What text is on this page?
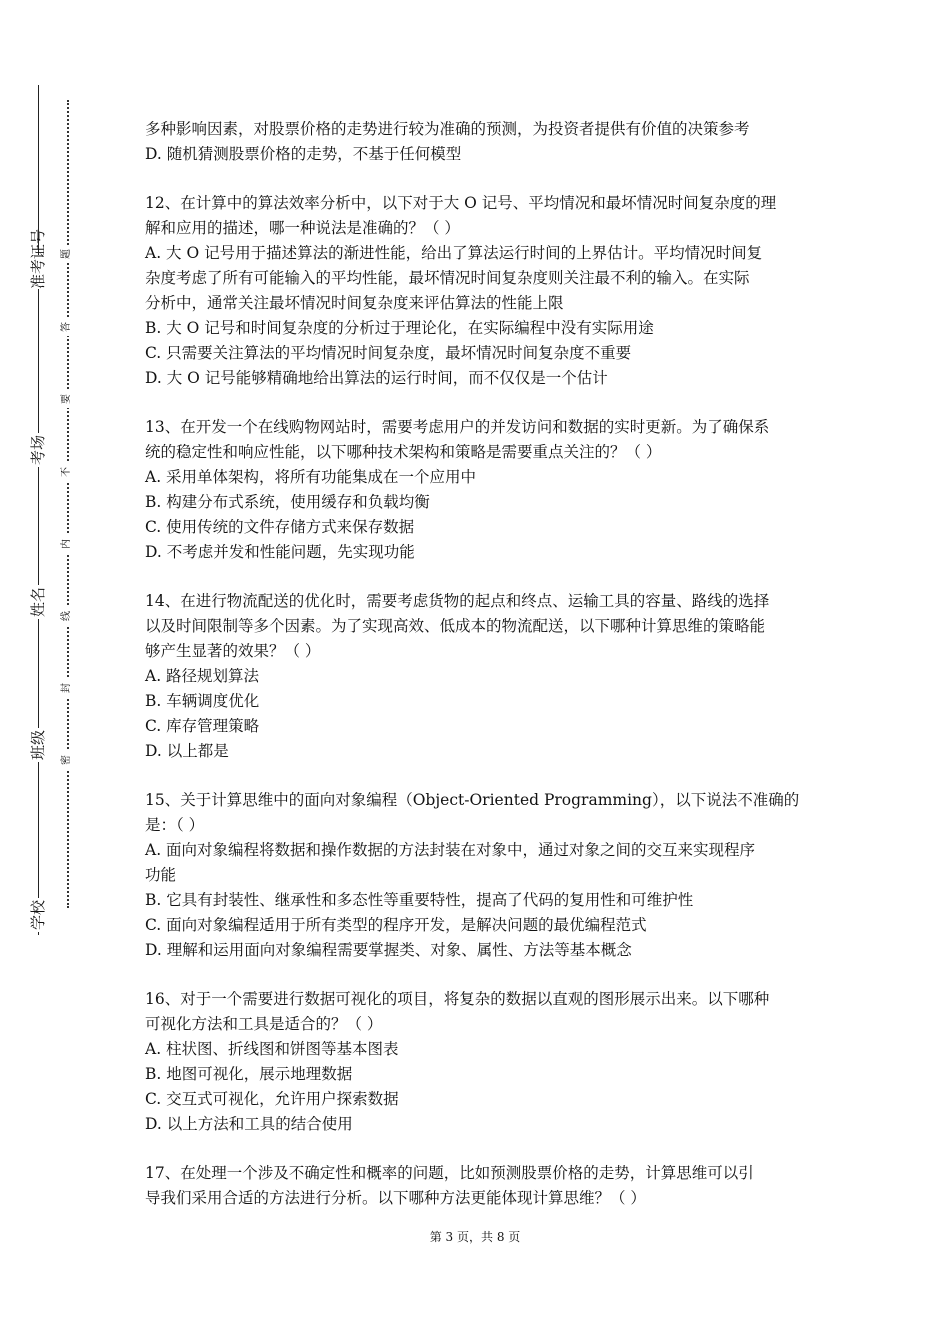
准考证号
考场
姓名
班级
学校
题
答
要
不
内
线
封
密

多种影响因素，对股票价格的走势进行较为准确的预测，为投资者提供有价值的决策参考

D. 随机猜测股票价格的走势，不基于任何模型

12、在计算中的算法效率分析中，以下对于大 O 记号、平均情况和最坏情况时间复杂度的理

解和应用的描述，哪一种说法是准确的？（ ）

A. 大 O 记号用于描述算法的渐进性能，给出了算法运行时间的上界估计。平均情况时间复

杂度考虑了所有可能输入的平均性能，最坏情况时间复杂度则关注最不利的输入。在实际

分析中，通常关注最坏情况时间复杂度来评估算法的性能上限

B. 大 O 记号和时间复杂度的分析过于理论化，在实际编程中没有实际用途

C. 只需要关注算法的平均情况时间复杂度，最坏情况时间复杂度不重要

D. 大 O 记号能够精确地给出算法的运行时间，而不仅仅是一个估计

13、在开发一个在线购物网站时，需要考虑用户的并发访问和数据的实时更新。为了确保系

统的稳定性和响应性能，以下哪种技术架构和策略是需要重点关注的？（ ）

A. 采用单体架构，将所有功能集成在一个应用中

B. 构建分布式系统，使用缓存和负载均衡

C. 使用传统的文件存储方式来保存数据

D. 不考虑并发和性能问题，先实现功能

14、在进行物流配送的优化时，需要考虑货物的起点和终点、运输工具的容量、路线的选择

以及时间限制等多个因素。为了实现高效、低成本的物流配送，以下哪种计算思维的策略能

够产生显著的效果？（ ）

A. 路径规划算法

B. 车辆调度优化

C. 库存管理策略

D. 以上都是

15、关于计算思维中的面向对象编程（Object-Oriented Programming），以下说法不准确的

是：（ ）

A. 面向对象编程将数据和操作数据的方法封装在对象中，通过对象之间的交互来实现程序

功能

B. 它具有封装性、继承性和多态性等重要特性，提高了代码的复用性和可维护性

C. 面向对象编程适用于所有类型的程序开发，是解决问题的最优编程范式

D. 理解和运用面向对象编程需要掌握类、对象、属性、方法等基本概念

16、对于一个需要进行数据可视化的项目，将复杂的数据以直观的图形展示出来。以下哪种

可视化方法和工具是适合的？（ ）

A. 柱状图、折线图和饼图等基本图表

B. 地图可视化，展示地理数据

C. 交互式可视化，允许用户探索数据

D. 以上方法和工具的结合使用

17、在处理一个涉及不确定性和概率的问题，比如预测股票价格的走势，计算思维可以引

导我们采用合适的方法进行分析。以下哪种方法更能体现计算思维？（ ）

第 3 页，共 8 页
